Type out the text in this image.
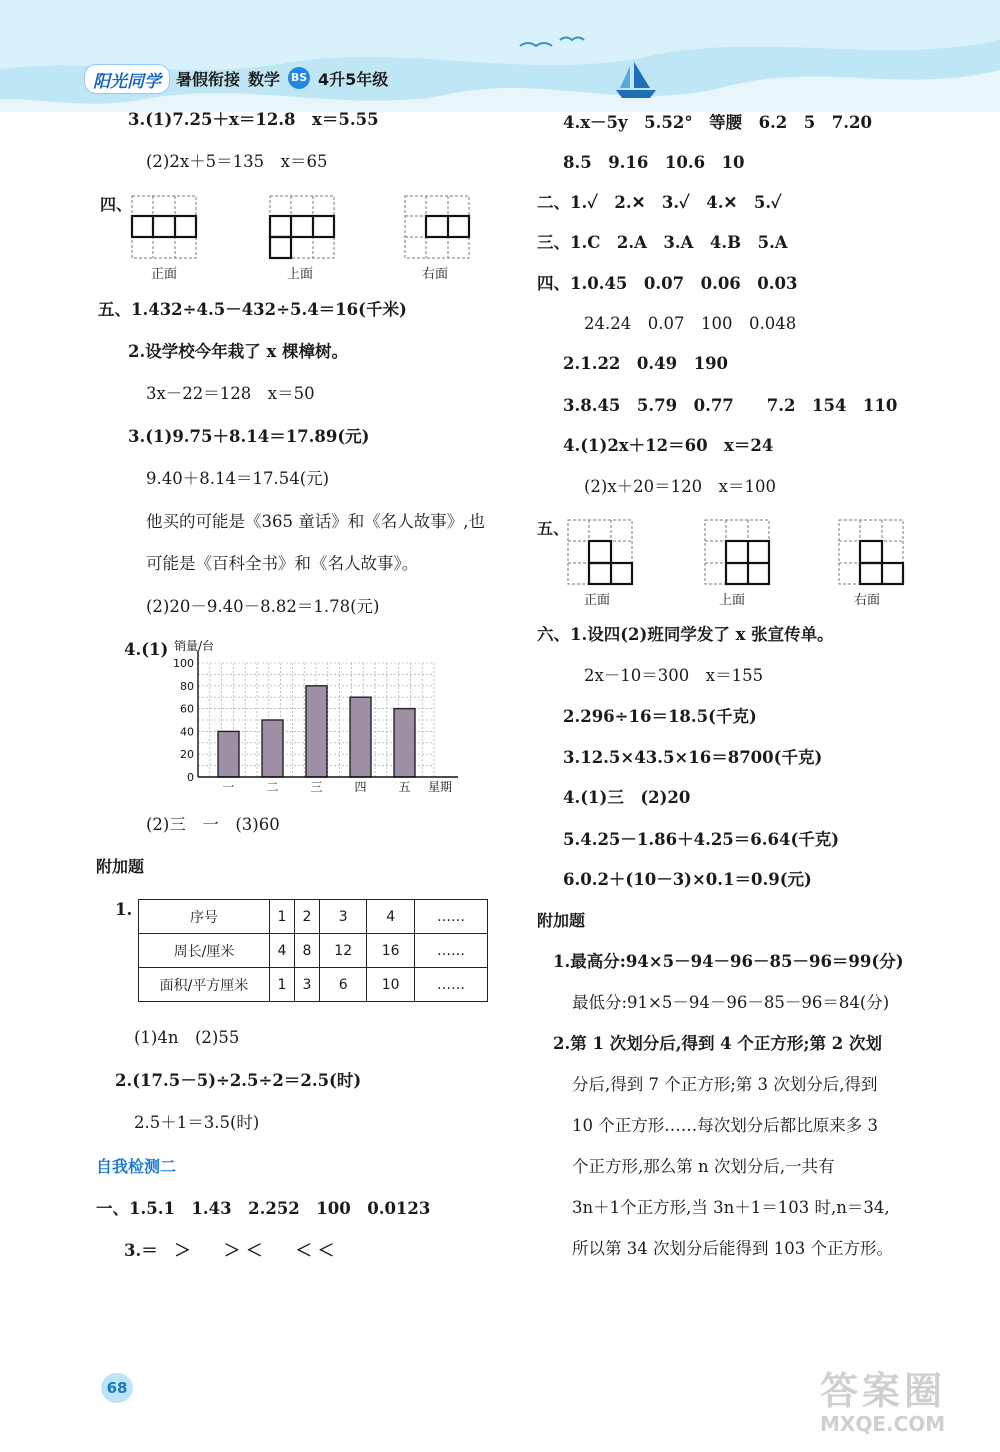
阳光同学 暑假衔接 数学 BS 4升5年级
3.(1)7.25＋x＝12.8　x＝5.55
(2)2x＋5＝135　x＝65
四、
正面	上面	右面
五、1.432÷4.5－432÷5.4＝16(千米)
2.设学校今年栽了 x 棵樟树。
3x－22＝128　x＝50
3.(1)9.75＋8.14＝17.89(元)
9.40＋8.14＝17.54(元)
他买的可能是《365 童话》和《名人故事》,也
可能是《百科全书》和《名人故事》。
(2)20－9.40－8.82＝1.78(元)
4.(1)
0
20
40
60
80
100
一	二	三	四	五
销量/台
星期
(2)三　一　(3)60
附加题
1.	序号	1	2	3	4	……
周长/厘米	4	8	12	16	……
面积/平方厘米	1	3	6	10	……
(1)4n　(2)55
2.(17.5－5)÷2.5÷2＝2.5(时)
2.5＋1＝3.5(时)
自我检测二
一、1.5.1　1.43　2.252　100　0.0123
3.＝　＞　　＞ ＜　　＜ ＜
4.x－5y　5.52°　等腰　6.2　5　7.20
8.5　9.16　10.6　10
二、1.✓　2.✕　3.✓　4.✕　5.✓
三、1.C　2.A　3.A　4.B　5.A
四、1.0.45　0.07　0.06　0.03
24.24　0.07　100　0.048
2.1.22　0.49　190
3.8.45　5.79　0.77　　7.2　154　110
4.(1)2x＋12＝60　x＝24
(2)x＋20＝120　x＝100
五、
正面	上面	右面
六、1.设四(2)班同学发了 x 张宣传单。
2x－10＝300　x＝155
2.296÷16＝18.5(千克)
3.12.5×43.5×16＝8700(千克)
4.(1)三　(2)20
5.4.25－1.86＋4.25＝6.64(千克)
6.0.2＋(10－3)×0.1＝0.9(元)
附加题
1.最高分:94×5－94－96－85－96＝99(分)
最低分:91×5－94－96－85－96＝84(分)
2.第 1 次划分后,得到 4 个正方形;第 2 次划
分后,得到 7 个正方形;第 3 次划分后,得到
10 个正方形……每次划分后都比原来多 3
个正方形,那么第 n 次划分后,一共有
3n＋1个正方形,当 3n＋1＝103 时,n＝34,
所以第 34 次划分后能得到 103 个正方形。
68	答案圈
MXQE.COM
